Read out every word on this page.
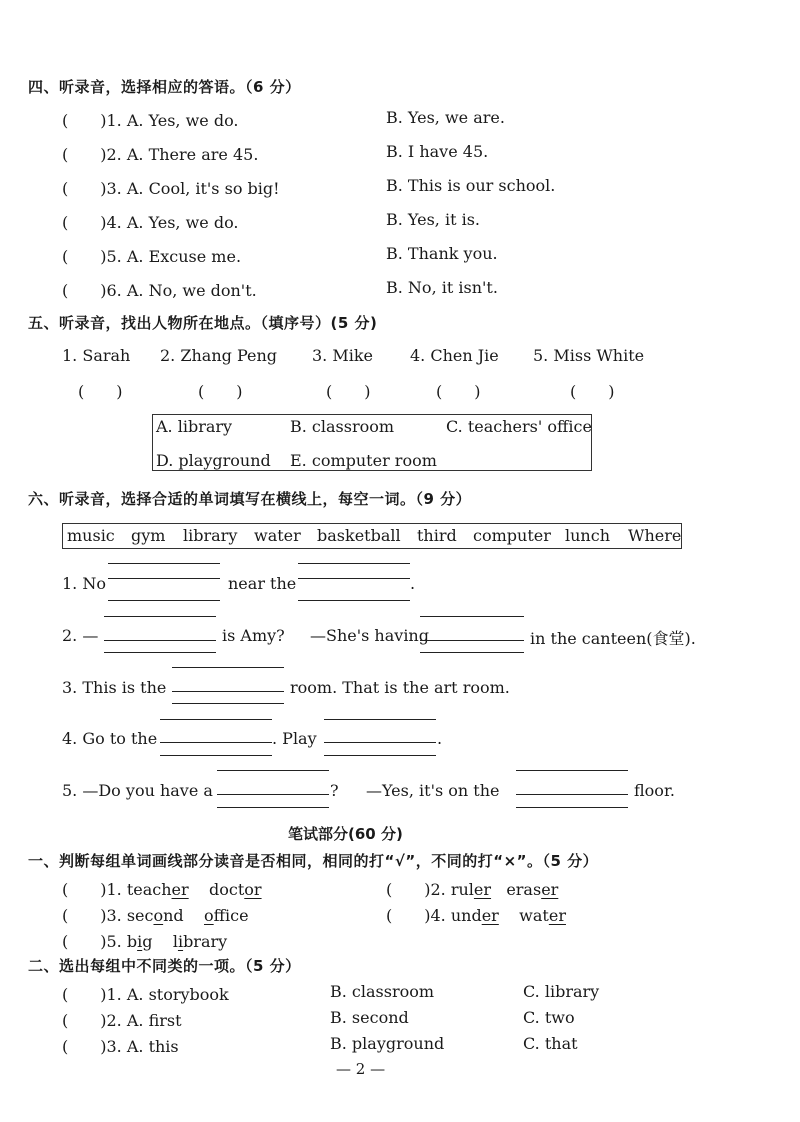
四、听录音，选择相应的答语。（6 分）
(　　)1. A. Yes, we do.	B. Yes, we are.
(　　)2. A. There are 45.	B. I have 45.
(　　)3. A. Cool, it's so big!	B. This is our school.
(　　)4. A. Yes, we do.	B. Yes, it is.
(　　)5. A. Excuse me.	B. Thank you.
(　　)6. A. No, we don't.	B. No, it isn't.
五、听录音，找出人物所在地点。（填序号）(5 分)
1. Sarah 2. Zhang Peng 3. Mike 4. Chen Jie 5. Miss White
(　　)	(　　)	(　　)	(　　)	(　　)
A. library	B. classroom	C. teachers' office
D. playground E. computer room
六、听录音，选择合适的单词填写在横线上，每空一词。（9 分）
music gym library water basketball third computer lunch Where
1. No	near the	.
2. —	is Amy? —She's having	in the canteen(食堂).
3. This is the	room. That is the art room.
4. Go to the	. Play	.
5. —Do you have a	? —Yes, it's on the	floor.
笔试部分(60 分)
一、判断每组单词画线部分读音是否相同，相同的打“√”，不同的打“×”。（5 分）
(　　)1. teacher doctor	(　　)2. ruler eraser
(　　)3. second office	(　　)4. under water
(　　)5. big library
二、选出每组中不同类的一项。（5 分）
(　　)1. A. storybook	B. classroom	C. library
(　　)2. A. first	B. second	C. two
(　　)3. A. this	B. playground	C. that
— 2 —
